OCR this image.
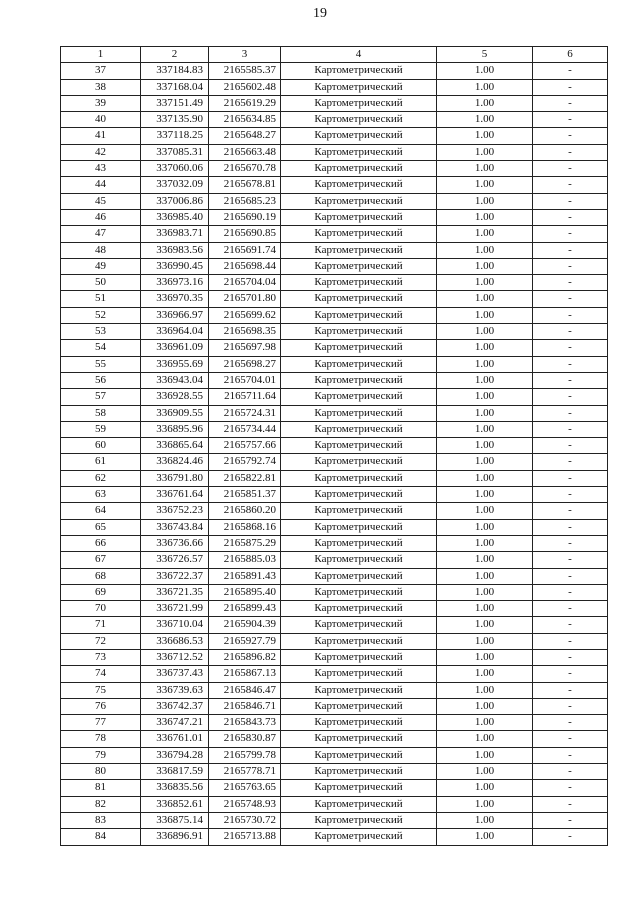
19
1	2	3	4	5	6
37	337184.83	2165585.37	Картометрический	1.00	-
38	337168.04	2165602.48	Картометрический	1.00	-
39	337151.49	2165619.29	Картометрический	1.00	-
40	337135.90	2165634.85	Картометрический	1.00	-
41	337118.25	2165648.27	Картометрический	1.00	-
42	337085.31	2165663.48	Картометрический	1.00	-
43	337060.06	2165670.78	Картометрический	1.00	-
44	337032.09	2165678.81	Картометрический	1.00	-
45	337006.86	2165685.23	Картометрический	1.00	-
46	336985.40	2165690.19	Картометрический	1.00	-
47	336983.71	2165690.85	Картометрический	1.00	-
48	336983.56	2165691.74	Картометрический	1.00	-
49	336990.45	2165698.44	Картометрический	1.00	-
50	336973.16	2165704.04	Картометрический	1.00	-
51	336970.35	2165701.80	Картометрический	1.00	-
52	336966.97	2165699.62	Картометрический	1.00	-
53	336964.04	2165698.35	Картометрический	1.00	-
54	336961.09	2165697.98	Картометрический	1.00	-
55	336955.69	2165698.27	Картометрический	1.00	-
56	336943.04	2165704.01	Картометрический	1.00	-
57	336928.55	2165711.64	Картометрический	1.00	-
58	336909.55	2165724.31	Картометрический	1.00	-
59	336895.96	2165734.44	Картометрический	1.00	-
60	336865.64	2165757.66	Картометрический	1.00	-
61	336824.46	2165792.74	Картометрический	1.00	-
62	336791.80	2165822.81	Картометрический	1.00	-
63	336761.64	2165851.37	Картометрический	1.00	-
64	336752.23	2165860.20	Картометрический	1.00	-
65	336743.84	2165868.16	Картометрический	1.00	-
66	336736.66	2165875.29	Картометрический	1.00	-
67	336726.57	2165885.03	Картометрический	1.00	-
68	336722.37	2165891.43	Картометрический	1.00	-
69	336721.35	2165895.40	Картометрический	1.00	-
70	336721.99	2165899.43	Картометрический	1.00	-
71	336710.04	2165904.39	Картометрический	1.00	-
72	336686.53	2165927.79	Картометрический	1.00	-
73	336712.52	2165896.82	Картометрический	1.00	-
74	336737.43	2165867.13	Картометрический	1.00	-
75	336739.63	2165846.47	Картометрический	1.00	-
76	336742.37	2165846.71	Картометрический	1.00	-
77	336747.21	2165843.73	Картометрический	1.00	-
78	336761.01	2165830.87	Картометрический	1.00	-
79	336794.28	2165799.78	Картометрический	1.00	-
80	336817.59	2165778.71	Картометрический	1.00	-
81	336835.56	2165763.65	Картометрический	1.00	-
82	336852.61	2165748.93	Картометрический	1.00	-
83	336875.14	2165730.72	Картометрический	1.00	-
84	336896.91	2165713.88	Картометрический	1.00	-
